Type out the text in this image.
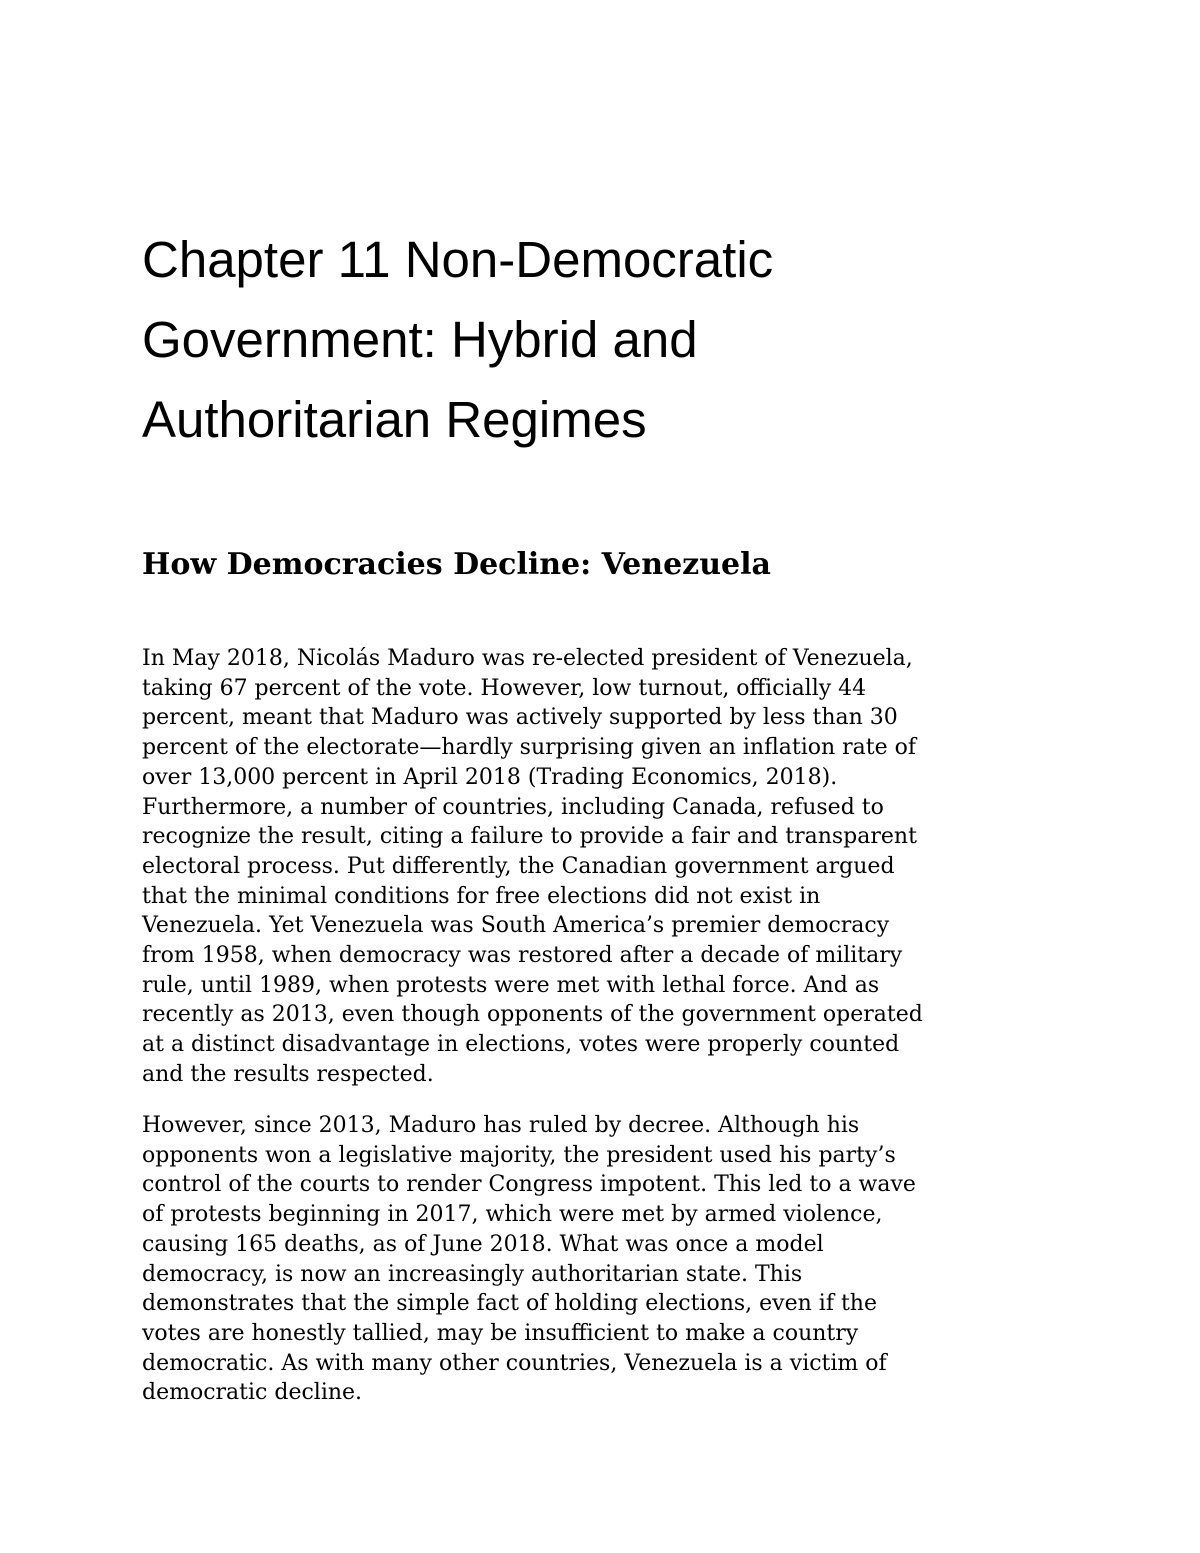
Chapter 11 Non-Democratic
Government: Hybrid and
Authoritarian Regimes
How Democracies Decline: Venezuela

In May 2018, Nicolás Maduro was re-elected president of Venezuela,
taking 67 percent of the vote. However, low turnout, officially 44
percent, meant that Maduro was actively supported by less than 30
percent of the electorate—hardly surprising given an inflation rate of
over 13,000 percent in April 2018 (Trading Economics, 2018).
Furthermore, a number of countries, including Canada, refused to
recognize the result, citing a failure to provide a fair and transparent
electoral process. Put differently, the Canadian government argued
that the minimal conditions for free elections did not exist in
Venezuela. Yet Venezuela was South America’s premier democracy
from 1958, when democracy was restored after a decade of military
rule, until 1989, when protests were met with lethal force. And as
recently as 2013, even though opponents of the government operated
at a distinct disadvantage in elections, votes were properly counted
and the results respected.

However, since 2013, Maduro has ruled by decree. Although his
opponents won a legislative majority, the president used his party’s
control of the courts to render Congress impotent. This led to a wave
of protests beginning in 2017, which were met by armed violence,
causing 165 deaths, as of June 2018. What was once a model
democracy, is now an increasingly authoritarian state. This
demonstrates that the simple fact of holding elections, even if the
votes are honestly tallied, may be insufficient to make a country
democratic. As with many other countries, Venezuela is a victim of
democratic decline.
